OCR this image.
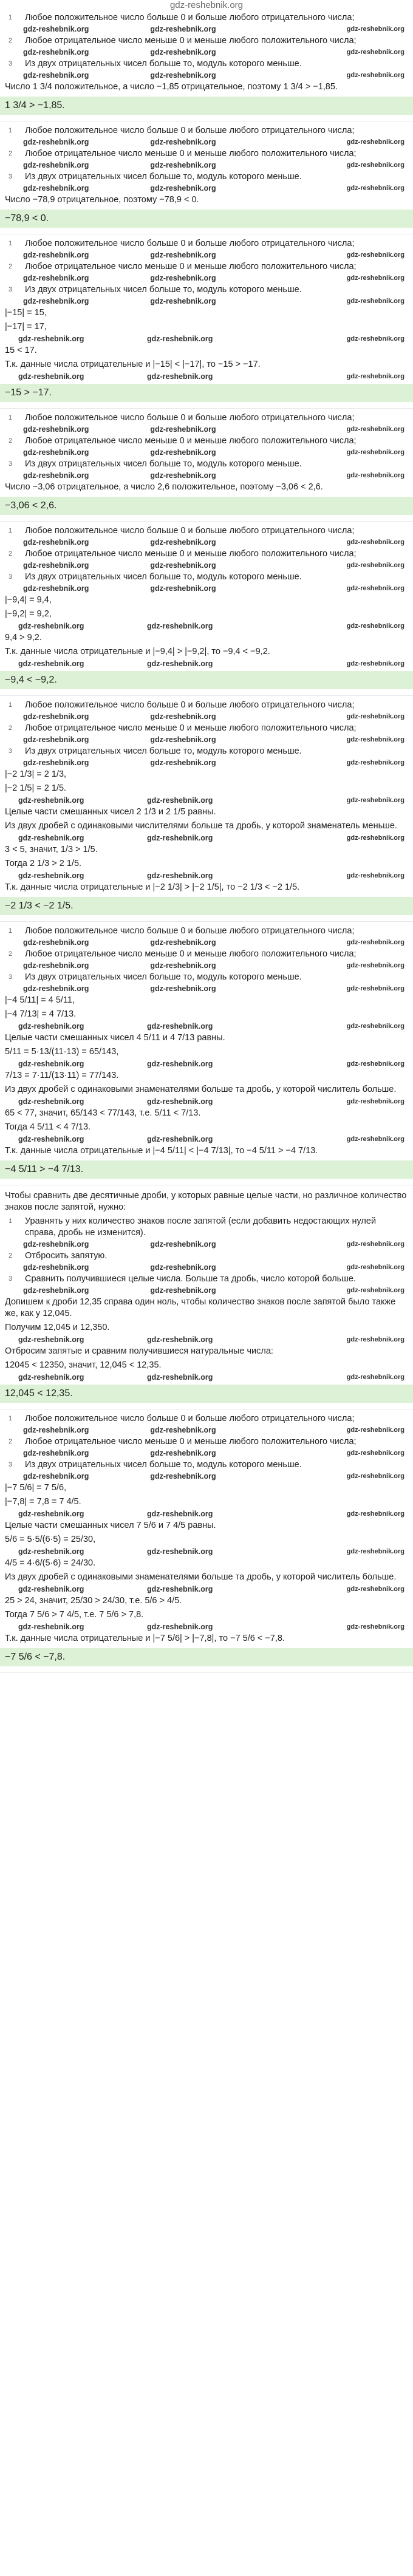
gdz-reshebnik.org
1	Любое положительное число больше 0 и больше любого отрицательного числа;
gdz-reshebnik.org	gdz-reshebnik.org	gdz-reshebnik.org
2	Любое отрицательное число меньше 0 и меньше любого положительного числа;
gdz-reshebnik.org	gdz-reshebnik.org	gdz-reshebnik.org
3	Из двух отрицательных чисел больше то, модуль которого меньше.
gdz-reshebnik.org	gdz-reshebnik.org	gdz-reshebnik.org
Число 1 3/4 положительное, а число −1,85 отрицательное, поэтому 1 3/4 > −1,85.
1 3/4 > −1,85.
1	Любое положительное число больше 0 и больше любого отрицательного числа;
gdz-reshebnik.org	gdz-reshebnik.org	gdz-reshebnik.org
2	Любое отрицательное число меньше 0 и меньше любого положительного числа;
gdz-reshebnik.org	gdz-reshebnik.org	gdz-reshebnik.org
3	Из двух отрицательных чисел больше то, модуль которого меньше.
gdz-reshebnik.org	gdz-reshebnik.org	gdz-reshebnik.org
Число −78,9 отрицательное, поэтому −78,9 < 0.
−78,9 < 0.
1	Любое положительное число больше 0 и больше любого отрицательного числа;
gdz-reshebnik.org	gdz-reshebnik.org	gdz-reshebnik.org
2	Любое отрицательное число меньше 0 и меньше любого положительного числа;
gdz-reshebnik.org	gdz-reshebnik.org	gdz-reshebnik.org
3	Из двух отрицательных чисел больше то, модуль которого меньше.
gdz-reshebnik.org	gdz-reshebnik.org	gdz-reshebnik.org
|−15| = 15,
|−17| = 17,
gdz-reshebnik.org	gdz-reshebnik.org	gdz-reshebnik.org
15 < 17.
Т.к. данные числа отрицательные и |−15| < |−17|, то −15 > −17.
gdz-reshebnik.org	gdz-reshebnik.org	gdz-reshebnik.org
−15 > −17.
1	Любое положительное число больше 0 и больше любого отрицательного числа;
gdz-reshebnik.org	gdz-reshebnik.org	gdz-reshebnik.org
2	Любое отрицательное число меньше 0 и меньше любого положительного числа;
gdz-reshebnik.org	gdz-reshebnik.org	gdz-reshebnik.org
3	Из двух отрицательных чисел больше то, модуль которого меньше.
gdz-reshebnik.org	gdz-reshebnik.org	gdz-reshebnik.org
Число −3,06 отрицательное, а число 2,6 положительное, поэтому −3,06 < 2,6.
−3,06 < 2,6.
1	Любое положительное число больше 0 и больше любого отрицательного числа;
gdz-reshebnik.org	gdz-reshebnik.org	gdz-reshebnik.org
2	Любое отрицательное число меньше 0 и меньше любого положительного числа;
gdz-reshebnik.org	gdz-reshebnik.org	gdz-reshebnik.org
3	Из двух отрицательных чисел больше то, модуль которого меньше.
gdz-reshebnik.org	gdz-reshebnik.org	gdz-reshebnik.org
|−9,4| = 9,4,
|−9,2| = 9,2,
gdz-reshebnik.org	gdz-reshebnik.org	gdz-reshebnik.org
9,4 > 9,2.
Т.к. данные числа отрицательные и |−9,4| > |−9,2|, то −9,4 < −9,2.
gdz-reshebnik.org	gdz-reshebnik.org	gdz-reshebnik.org
−9,4 < −9,2.
1	Любое положительное число больше 0 и больше любого отрицательного числа;
gdz-reshebnik.org	gdz-reshebnik.org	gdz-reshebnik.org
2	Любое отрицательное число меньше 0 и меньше любого положительного числа;
gdz-reshebnik.org	gdz-reshebnik.org	gdz-reshebnik.org
3	Из двух отрицательных чисел больше то, модуль которого меньше.
gdz-reshebnik.org	gdz-reshebnik.org	gdz-reshebnik.org
|−2 1/3| = 2 1/3,
|−2 1/5| = 2 1/5.
gdz-reshebnik.org	gdz-reshebnik.org	gdz-reshebnik.org
Целые части смешанных чисел 2 1/3 и 2 1/5 равны.
Из двух дробей с одинаковыми числителями больше та дробь, у которой знаменатель меньше.
gdz-reshebnik.org	gdz-reshebnik.org	gdz-reshebnik.org
3 < 5, значит, 1/3 > 1/5.
Тогда 2 1/3 > 2 1/5.
gdz-reshebnik.org	gdz-reshebnik.org	gdz-reshebnik.org
Т.к. данные числа отрицательные и |−2 1/3| > |−2 1/5|, то −2 1/3 < −2 1/5.
−2 1/3 < −2 1/5.
1	Любое положительное число больше 0 и больше любого отрицательного числа;
gdz-reshebnik.org	gdz-reshebnik.org	gdz-reshebnik.org
2	Любое отрицательное число меньше 0 и меньше любого положительного числа;
gdz-reshebnik.org	gdz-reshebnik.org	gdz-reshebnik.org
3	Из двух отрицательных чисел больше то, модуль которого меньше.
gdz-reshebnik.org	gdz-reshebnik.org	gdz-reshebnik.org
|−4 5/11| = 4 5/11,
|−4 7/13| = 4 7/13.
gdz-reshebnik.org	gdz-reshebnik.org	gdz-reshebnik.org
Целые части смешанных чисел 4 5/11 и 4 7/13 равны.
5/11 = 5·13/(11·13) = 65/143,
gdz-reshebnik.org	gdz-reshebnik.org	gdz-reshebnik.org
7/13 = 7·11/(13·11) = 77/143.
Из двух дробей с одинаковыми знаменателями больше та дробь, у которой числитель больше.
gdz-reshebnik.org	gdz-reshebnik.org	gdz-reshebnik.org
65 < 77, значит, 65/143 < 77/143, т.е. 5/11 < 7/13.
Тогда 4 5/11 < 4 7/13.
gdz-reshebnik.org	gdz-reshebnik.org	gdz-reshebnik.org
Т.к. данные числа отрицательные и |−4 5/11| < |−4 7/13|, то −4 5/11 > −4 7/13.
−4 5/11 > −4 7/13.
Чтобы сравнить две десятичные дроби, у которых равные целые части, но различное количество знаков после запятой, нужно:
1	Уравнять у них количество знаков после запятой (если добавить недостающих нулей справа, дробь не изменится).
gdz-reshebnik.org	gdz-reshebnik.org	gdz-reshebnik.org
2	Отбросить запятую.
gdz-reshebnik.org	gdz-reshebnik.org	gdz-reshebnik.org
3	Сравнить получившиеся целые числа. Больше та дробь, число которой больше.
gdz-reshebnik.org	gdz-reshebnik.org	gdz-reshebnik.org
Допишем к дроби 12,35 справа один ноль, чтобы количество знаков после запятой было также же, как у 12,045.
Получим 12,045 и 12,350.
gdz-reshebnik.org	gdz-reshebnik.org	gdz-reshebnik.org
Отбросим запятые и сравним получившиеся натуральные числа:
12045 < 12350, значит, 12,045 < 12,35.
gdz-reshebnik.org	gdz-reshebnik.org	gdz-reshebnik.org
12,045 < 12,35.
1	Любое положительное число больше 0 и больше любого отрицательного числа;
gdz-reshebnik.org	gdz-reshebnik.org	gdz-reshebnik.org
2	Любое отрицательное число меньше 0 и меньше любого положительного числа;
gdz-reshebnik.org	gdz-reshebnik.org	gdz-reshebnik.org
3	Из двух отрицательных чисел больше то, модуль которого меньше.
gdz-reshebnik.org	gdz-reshebnik.org	gdz-reshebnik.org
|−7 5/6| = 7 5/6,
|−7,8| = 7,8 = 7 4/5.
gdz-reshebnik.org	gdz-reshebnik.org	gdz-reshebnik.org
Целые части смешанных чисел 7 5/6 и 7 4/5 равны.
5/6 = 5·5/(6·5) = 25/30,
gdz-reshebnik.org	gdz-reshebnik.org	gdz-reshebnik.org
4/5 = 4·6/(5·6) = 24/30.
Из двух дробей с одинаковыми знаменателями больше та дробь, у которой числитель больше.
gdz-reshebnik.org	gdz-reshebnik.org	gdz-reshebnik.org
25 > 24, значит, 25/30 > 24/30, т.е. 5/6 > 4/5.
Тогда 7 5/6 > 7 4/5, т.е. 7 5/6 > 7,8.
gdz-reshebnik.org	gdz-reshebnik.org	gdz-reshebnik.org
Т.к. данные числа отрицательные и |−7 5/6| > |−7,8|, то −7 5/6 < −7,8.
−7 5/6 < −7,8.
